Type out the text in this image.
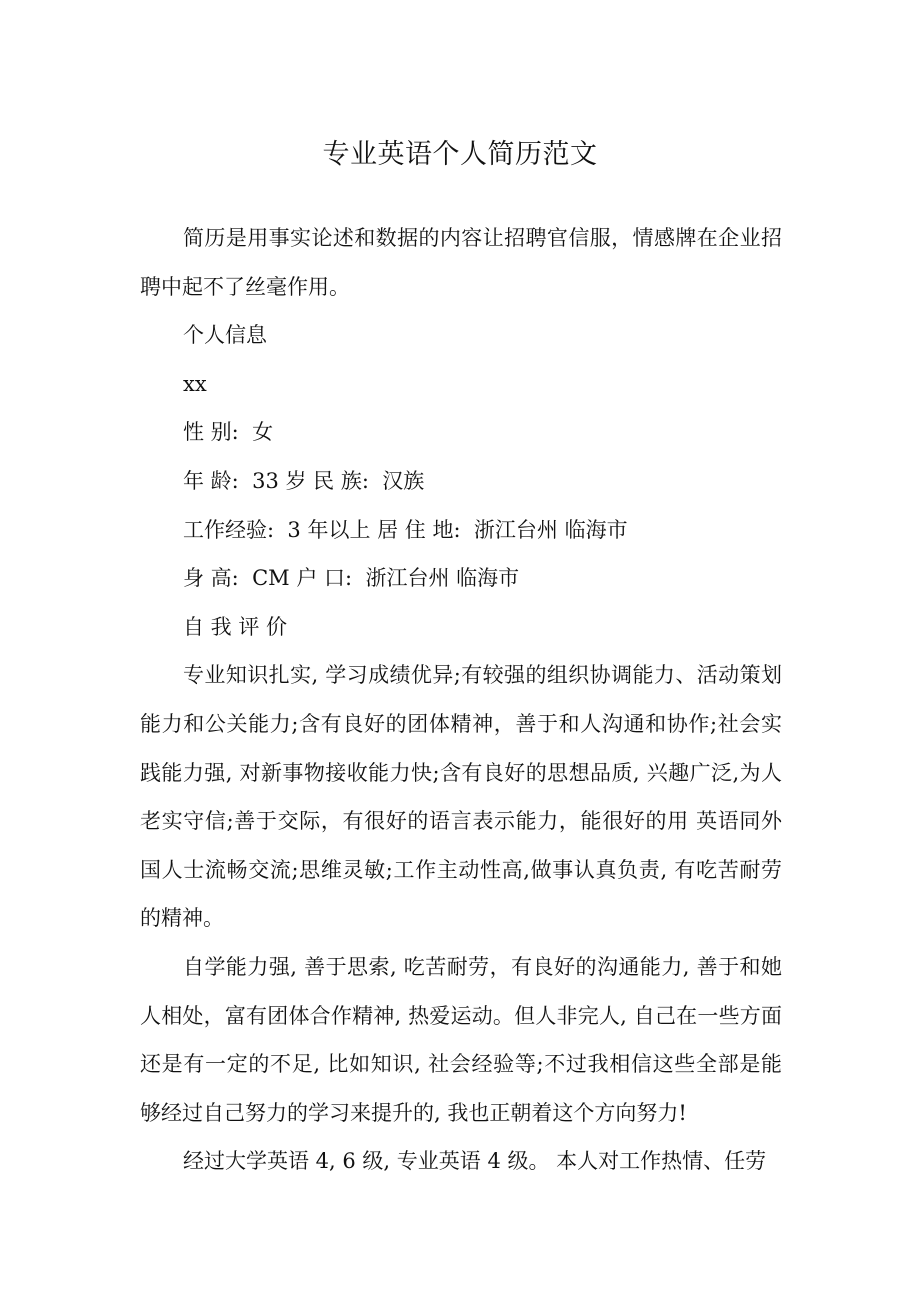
专业英语个人简历范文

简历是用事实论述和数据的内容让招聘官信服，情感牌在企业招聘中起不了丝毫作用。

个人信息

xx

性 别:  女

年 龄:  33 岁 民 族:  汉族

工作经验:  3 年以上 居 住 地:  浙江台州 临海市

身 高:  CM 户 口:  浙江台州 临海市

自 我 评 价

专业知识扎实, 学习成绩优异;有较强的组织协调能力、活动策划能力和公关能力;含有良好的团体精神，善于和人沟通和协作;社会实践能力强, 对新事物接收能力快;含有良好的思想品质, 兴趣广泛,为人老实守信;善于交际，有很好的语言表示能力，能很好的用 英语同外国人士流畅交流;思维灵敏;工作主动性高,做事认真负责, 有吃苦耐劳的精神。

自学能力强, 善于思索, 吃苦耐劳，有良好的沟通能力, 善于和她人相处，富有团体合作精神, 热爱运动。但人非完人, 自己在一些方面还是有一定的不足, 比如知识, 社会经验等;不过我相信这些全部是能够经过自己努力的学习来提升的, 我也正朝着这个方向努力!

经过大学英语 4, 6 级, 专业英语 4 级。 本人对工作热情、任劳
